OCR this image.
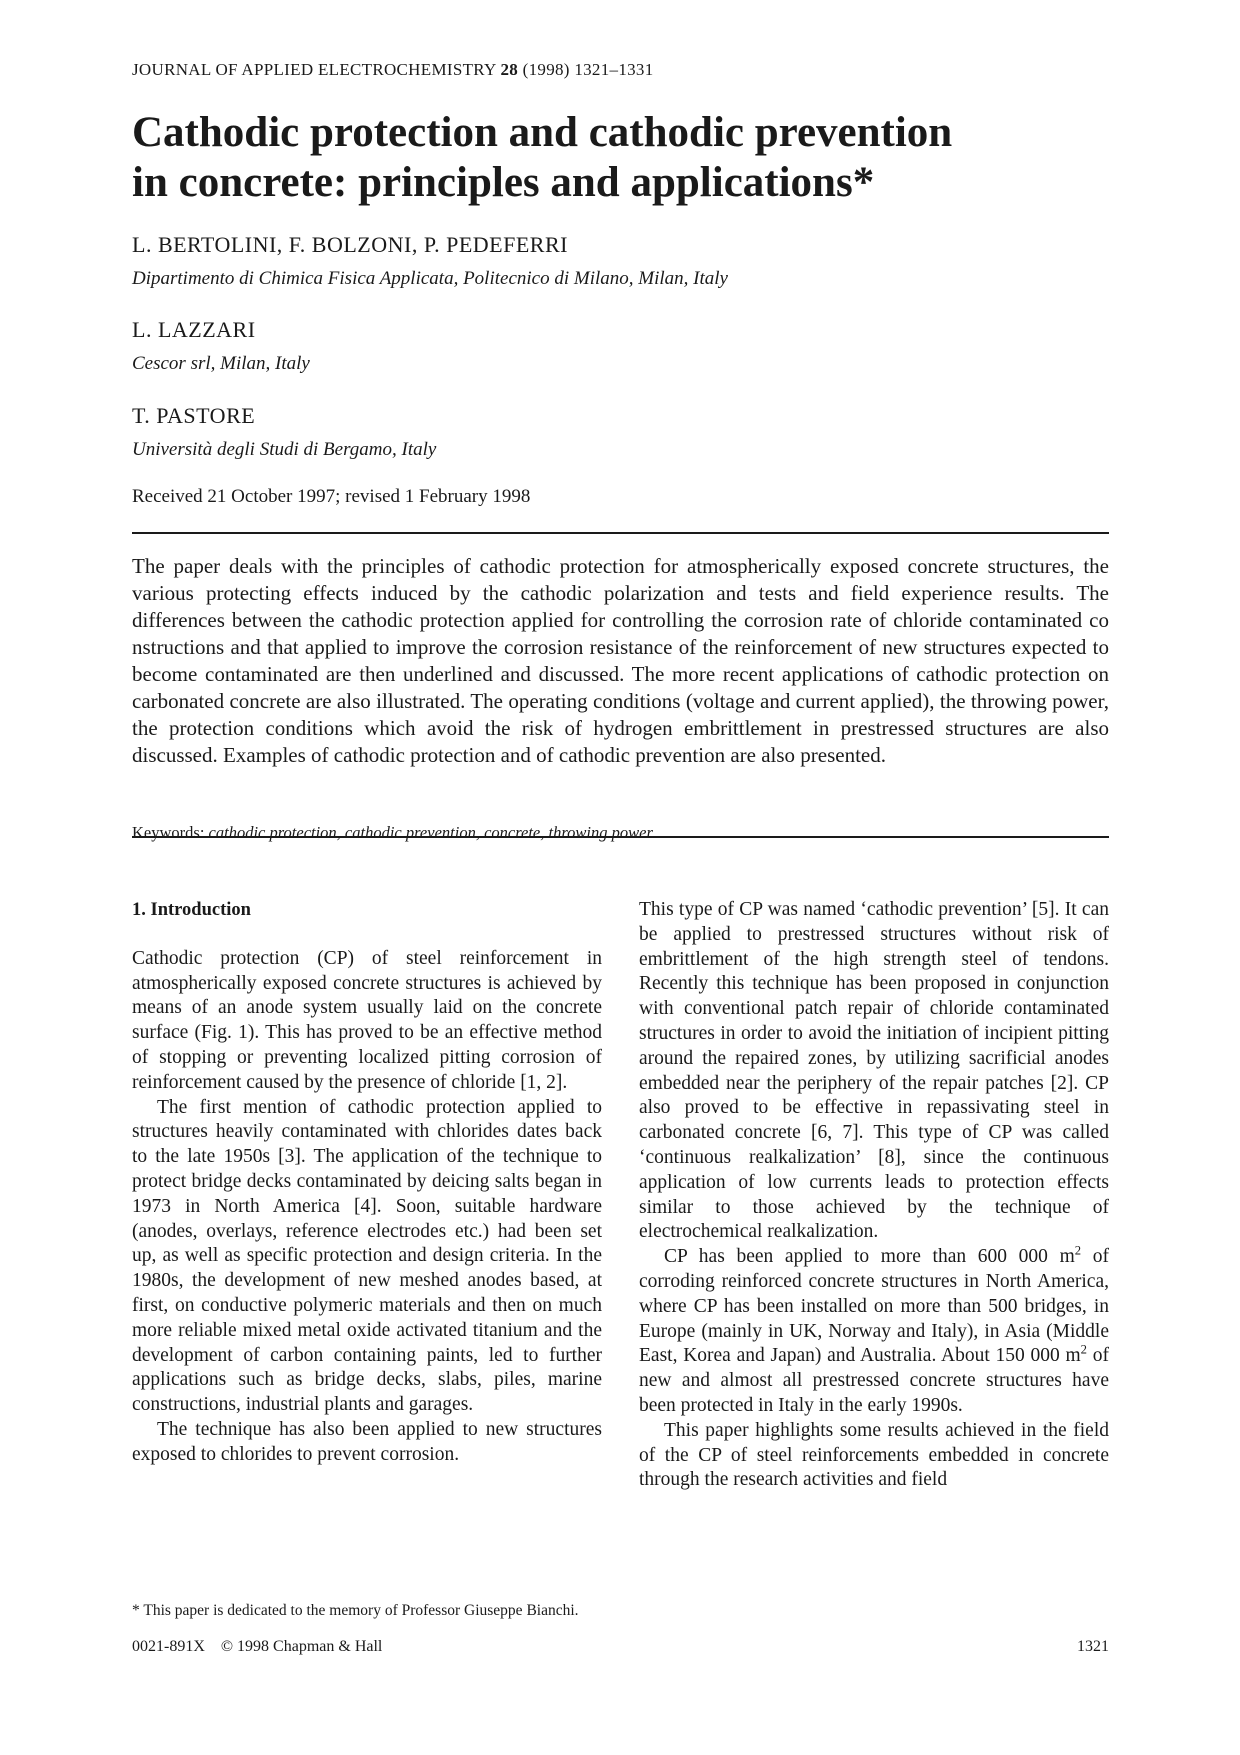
JOURNAL OF APPLIED ELECTROCHEMISTRY 28 (1998) 1321–1331
Cathodic protection and cathodic prevention
in concrete: principles and applications*
L. BERTOLINI, F. BOLZONI, P. PEDEFERRI
Dipartimento di Chimica Fisica Applicata, Politecnico di Milano, Milan, Italy
L. LAZZARI
Cescor srl, Milan, Italy
T. PASTORE
Università degli Studi di Bergamo, Italy
Received 21 October 1997; revised 1 February 1998
The paper deals with the principles of cathodic protection for atmospherically exposed concrete structures, the various protecting effects induced by the cathodic polarization and tests and field experience results. The differences between the cathodic protection applied for controlling the corrosion rate of chloride contaminated co nstructions and that applied to improve the corrosion resistance of the reinforcement of new structures expected to become contaminated are then underlined and discussed. The more recent applications of cathodic protection on carbonated concrete are also illustrated. The operating conditions (voltage and current applied), the throwing power, the protection conditions which avoid the risk of hydrogen embrittlement in prestressed structures are also discussed. Examples of cathodic protection and of cathodic prevention are also presented.
Keywords: cathodic protection, cathodic prevention, concrete, throwing power
1. Introduction

Cathodic protection (CP) of steel reinforcement in atmospherically exposed concrete structures is achieved by means of an anode system usually laid on the concrete surface (Fig. 1). This has proved to be an effective method of stopping or preventing localized pitting corrosion of reinforcement caused by the presence of chloride [1, 2].

The first mention of cathodic protection applied to structures heavily contaminated with chlorides dates back to the late 1950s [3]. The application of the technique to protect bridge decks contaminated by deicing salts began in 1973 in North America [4]. Soon, suitable hardware (anodes, overlays, reference electrodes etc.) had been set up, as well as specific protection and design criteria. In the 1980s, the development of new meshed anodes based, at first, on conductive polymeric materials and then on much more reliable mixed metal oxide activated titanium and the development of carbon containing paints, led to further applications such as bridge decks, slabs, piles, marine constructions, industrial plants and garages.

The technique has also been applied to new structures exposed to chlorides to prevent corrosion.

This type of CP was named ‘cathodic prevention’ [5]. It can be applied to prestressed structures without risk of embrittlement of the high strength steel of tendons. Recently this technique has been proposed in conjunction with conventional patch repair of chloride contaminated structures in order to avoid the initiation of incipient pitting around the repaired zones, by utilizing sacrificial anodes embedded near the periphery of the repair patches [2]. CP also proved to be effective in repassivating steel in carbonated concrete [6, 7]. This type of CP was called ‘continuous realkalization’ [8], since the continuous application of low currents leads to protection effects similar to those achieved by the technique of electrochemical realkalization.

CP has been applied to more than 600 000 $m^2$ of corroding reinforced concrete structures in North America, where CP has been installed on more than 500 bridges, in Europe (mainly in UK, Norway and Italy), in Asia (Middle East, Korea and Japan) and Australia. About 150 000 $m^2$ of new and almost all prestressed concrete structures have been protected in Italy in the early 1990s.

This paper highlights some results achieved in the field of the CP of steel reinforcements embedded in concrete through the research activities and field

* This paper is dedicated to the memory of Professor Giuseppe Bianchi.
0021-891X © 1998 Chapman & Hall	1321
